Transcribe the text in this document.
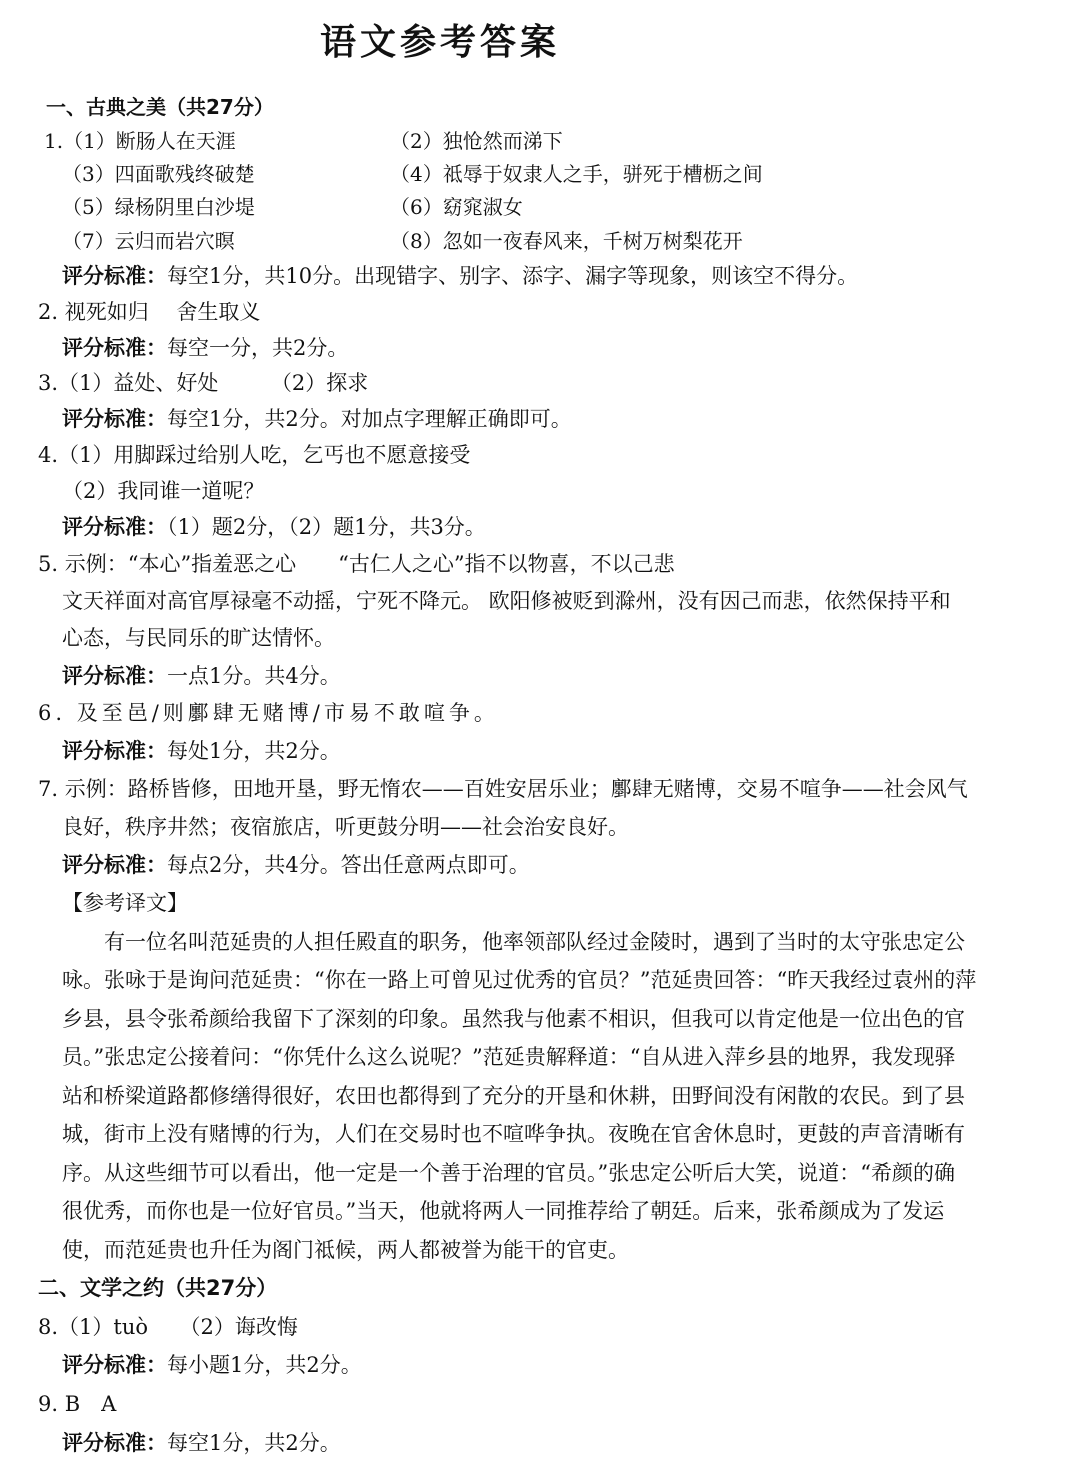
语文参考答案
一、古典之美（共27分）
1.（1）断肠人在天涯	（2）独怆然而涕下
（3）四面歌残终破楚	（4）祗辱于奴隶人之手，骈死于槽枥之间
（5）绿杨阴里白沙堤	（6）窈窕淑女
（7）云归而岩穴暝	（8）忽如一夜春风来，千树万树梨花开
评分标准：每空1分，共10分。出现错字、别字、添字、漏字等现象，则该空不得分。
2. 视死如归　 舍生取义
评分标准：每空一分，共2分。
3.（1）益处、好处　　　（2）探求
评分标准：每空1分，共2分。对加点字理解正确即可。
4.（1）用脚踩过给别人吃，乞丐也不愿意接受
（2）我同谁一道呢？
评分标准：（1）题2分，（2）题1分，共3分。
5. 示例：“本心”指羞恶之心　　“古仁人之心”指不以物喜，不以己悲
文天祥面对高官厚禄毫不动摇，宁死不降元。 欧阳修被贬到滁州，没有因己而悲，依然保持平和
心态，与民同乐的旷达情怀。
评分标准：一点1分。共4分。
6. 及至邑/则鄽肆无赌博/市易不敢喧争。
评分标准：每处1分，共2分。
7. 示例：路桥皆修，田地开垦，野无惰农——百姓安居乐业；鄽肆无赌博，交易不喧争——社会风气
良好，秩序井然；夜宿旅店，听更鼓分明——社会治安良好。
评分标准：每点2分，共4分。答出任意两点即可。
【参考译文】
有一位名叫范延贵的人担任殿直的职务，他率领部队经过金陵时，遇到了当时的太守张忠定公
咏。张咏于是询问范延贵：“你在一路上可曾见过优秀的官员？”范延贵回答：“昨天我经过袁州的萍
乡县，县令张希颜给我留下了深刻的印象。虽然我与他素不相识，但我可以肯定他是一位出色的官
员。”张忠定公接着问：“你凭什么这么说呢？”范延贵解释道：“自从进入萍乡县的地界，我发现驿
站和桥梁道路都修缮得很好，农田也都得到了充分的开垦和休耕，田野间没有闲散的农民。到了县
城，街市上没有赌博的行为，人们在交易时也不喧哗争执。夜晚在官舍休息时，更鼓的声音清晰有
序。从这些细节可以看出，他一定是一个善于治理的官员。”张忠定公听后大笑，说道：“希颜的确
很优秀，而你也是一位好官员。”当天，他就将两人一同推荐给了朝廷。后来，张希颜成为了发运
使，而范延贵也升任为阁门祗候，两人都被誉为能干的官吏。
二、文学之约（共27分）
8.（1）tuò　　（2）诲改悔
评分标准：每小题1分，共2分。
9. B　A
评分标准：每空1分，共2分。
